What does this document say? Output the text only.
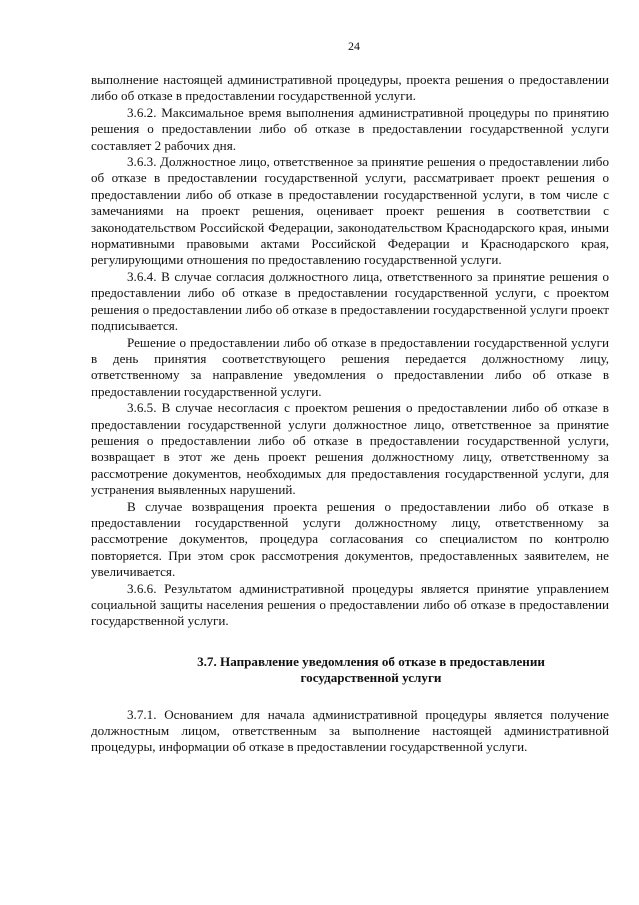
24

выполнение настоящей административной процедуры, проекта решения о предоставлении либо об отказе в предоставлении государственной услуги.

3.6.2. Максимальное время выполнения административной процедуры по принятию решения о предоставлении либо об отказе в предоставлении государственной услуги составляет 2 рабочих дня.

3.6.3. Должностное лицо, ответственное за принятие решения о предоставлении либо об отказе в предоставлении государственной услуги, рассматривает проект решения о предоставлении либо об отказе в предоставлении государственной услуги, в том числе с замечаниями на проект решения, оценивает проект решения в соответствии с законодательством Российской Федерации, законодательством Краснодарского края, иными нормативными правовыми актами Российской Федерации и Краснодарского края, регулирующими отношения по предоставлению государственной услуги.

3.6.4. В случае согласия должностного лица, ответственного за принятие решения о предоставлении либо об отказе в предоставлении государственной услуги, с проектом решения о предоставлении либо об отказе в предоставлении государственной услуги проект подписывается.

Решение о предоставлении либо об отказе в предоставлении государственной услуги в день принятия соответствующего решения передается должностному лицу, ответственному за направление уведомления о предоставлении либо об отказе в предоставлении государственной услуги.

3.6.5. В случае несогласия с проектом решения о предоставлении либо об отказе в предоставлении государственной услуги должностное лицо, ответственное за принятие решения о предоставлении либо об отказе в предоставлении государственной услуги, возвращает в этот же день проект решения должностному лицу, ответственному за рассмотрение документов, необходимых для предоставления государственной услуги, для устранения выявленных нарушений.

В случае возвращения проекта решения о предоставлении либо об отказе в предоставлении государственной услуги должностному лицу, ответственному за рассмотрение документов, процедура согласования со специалистом по контролю повторяется. При этом срок рассмотрения документов, предоставленных заявителем, не увеличивается.

3.6.6. Результатом административной процедуры является принятие управлением социальной защиты населения решения о предоставлении либо об отказе в предоставлении государственной услуги.

3.7. Направление уведомления об отказе в предоставлении
государственной услуги

3.7.1. Основанием для начала административной процедуры является получение должностным лицом, ответственным за выполнение настоящей административной процедуры, информации об отказе в предоставлении государственной услуги.
